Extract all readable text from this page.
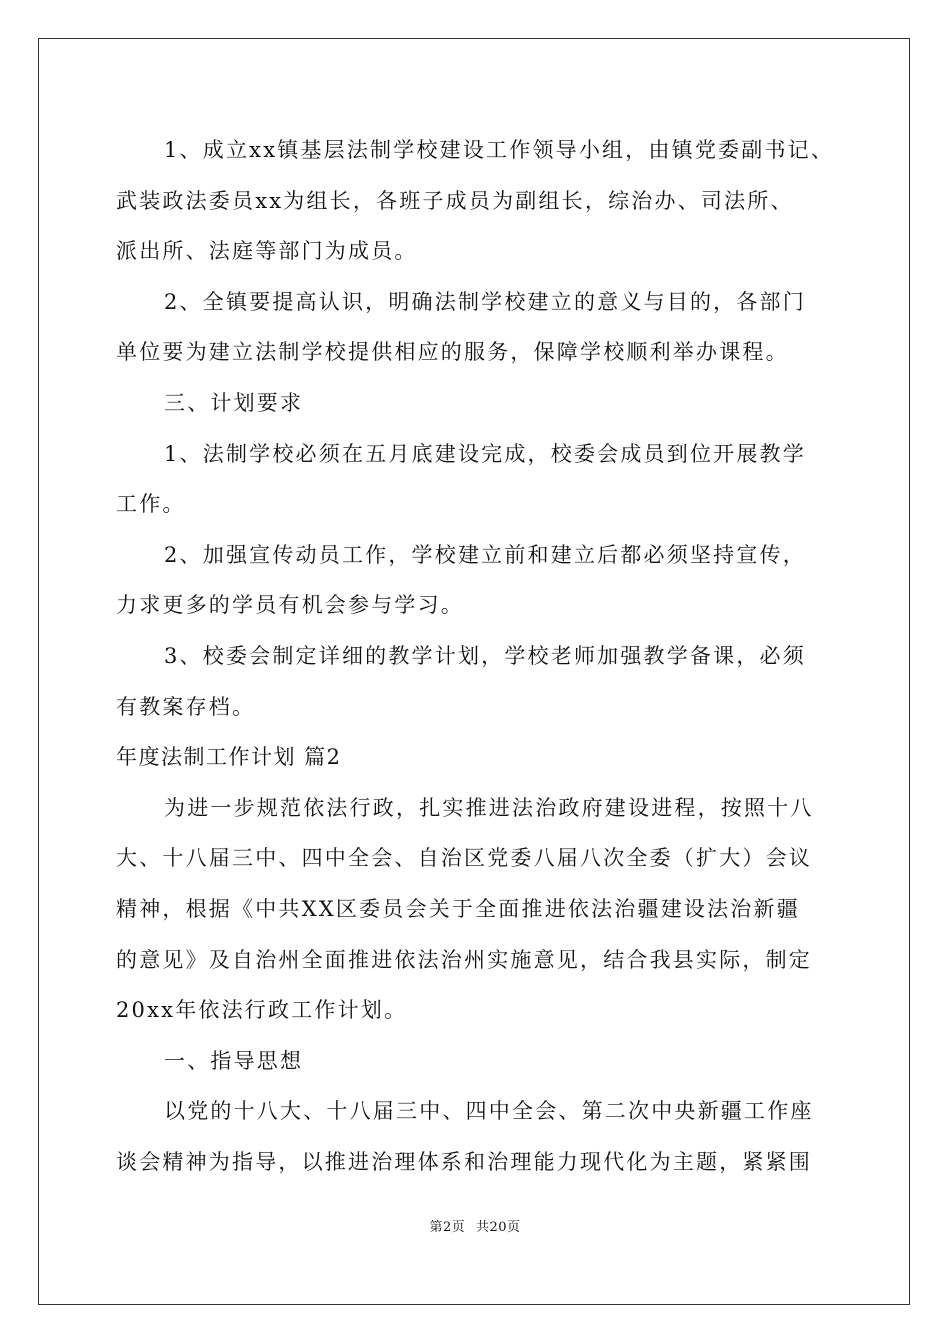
1、成立xx镇基层法制学校建设工作领导小组，由镇党委副书记、
武装政法委员xx为组长，各班子成员为副组长，综治办、司法所、
派出所、法庭等部门为成员。
2、全镇要提高认识，明确法制学校建立的意义与目的，各部门
单位要为建立法制学校提供相应的服务，保障学校顺利举办课程。
三、计划要求
1、法制学校必须在五月底建设完成，校委会成员到位开展教学
工作。
2、加强宣传动员工作，学校建立前和建立后都必须坚持宣传，
力求更多的学员有机会参与学习。
3、校委会制定详细的教学计划，学校老师加强教学备课，必须
有教案存档。
年度法制工作计划 篇2
为进一步规范依法行政，扎实推进法治政府建设进程，按照十八
大、十八届三中、四中全会、自治区党委八届八次全委（扩大）会议
精神，根据《中共XX区委员会关于全面推进依法治疆建设法治新疆
的意见》及自治州全面推进依法治州实施意见，结合我县实际，制定
20xx年依法行政工作计划。
一、指导思想
以党的十八大、十八届三中、四中全会、第二次中央新疆工作座
谈会精神为指导，以推进治理体系和治理能力现代化为主题，紧紧围
第2页 共20页
